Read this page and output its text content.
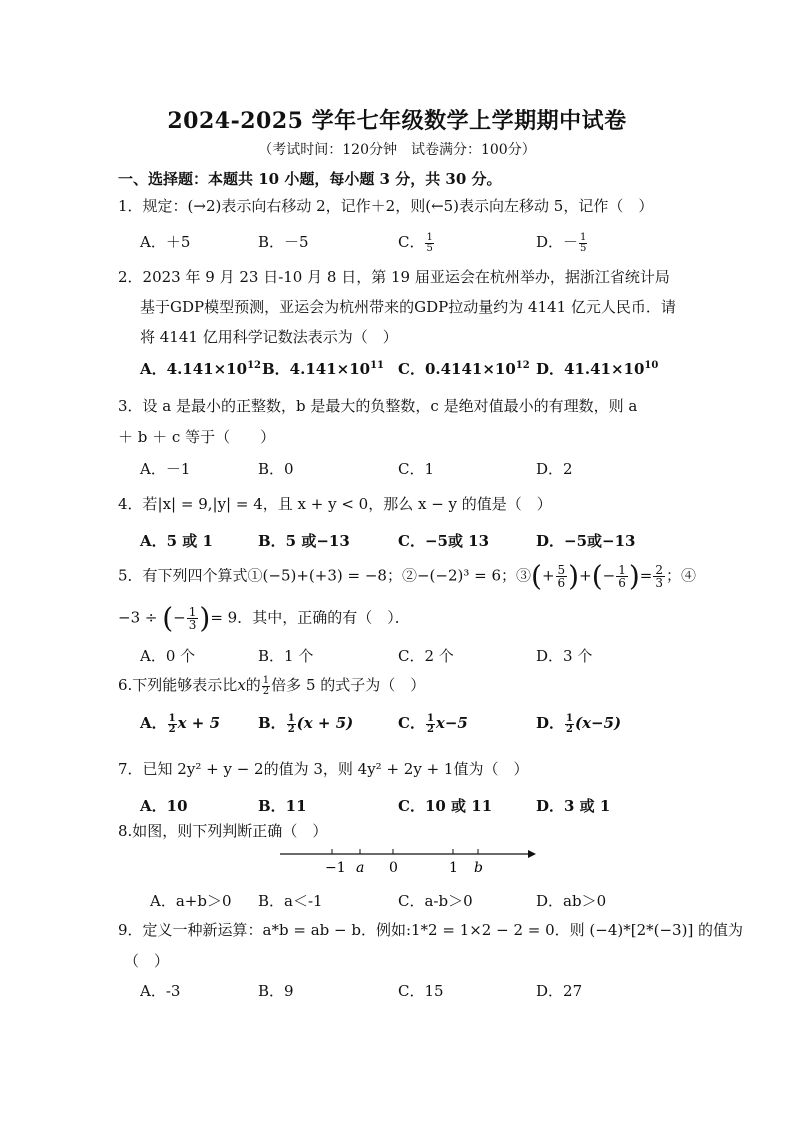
2024-2025 学年七年级数学上学期期中试卷
（考试时间：120分钟　试卷满分：100分）
一、选择题：本题共 10 小题，每小题 3 分，共 30 分。
1．规定：(→2)表示向右移动 2，记作＋2，则(←5)表示向左移动 5，记作（　）
A．＋5	B．－5	C． $\frac{1}{5}$	D．－ $\frac{1}{5}$
2．2023 年 9 月 23 日-10 月 8 日，第 19 届亚运会在杭州举办，据浙江省统计局
基于GDP模型预测，亚运会为杭州带来的GDP拉动量约为 4141 亿元人民币．请
将 4141 亿用科学记数法表示为（　）
A．$4.141\times 10^{12}$ B．$4.141\times 10^{11}$ C．$0.4141\times 10^{12}$ D．$41.41\times 10^{10}$
3．设 a 是最小的正整数，b 是最大的负整数，c 是绝对值最小的有理数，则 a
＋ b ＋ c 等于（　　）
A．－1	B．0	C．1	D．2
4．若|x| = 9,|y| = 4，且 x + y < 0，那么 x − y 的值是（　）
A．5 或 1	B．5 或−13	C．−5或 13	D．−5或−13
5．有下列四个算式①(−5)+(+3) = −8；②−(−2)³ = 6；③(+ $\frac{5}{6}$ )+(− $\frac{1}{6}$ )= $\frac{2}{3}$ ；④
−3 ÷ (− $\frac{1}{3}$ )= 9．其中，正确的有（　）．
A．0 个	B．1 个	C．2 个	D．3 个
6.下列能够表示比x的 $\frac{1}{2}$ 倍多 5 的式子为（　）
A． $\frac{1}{2}$ x + 5	B． $\frac{1}{2} (x + 5)$	C． $\frac{1}{2} x-5$	D． $\frac{1}{2} (x-5)$
7．已知 2y² + y − 2的值为 3，则 4y² + 2y + 1值为（　）
A．10	B．11	C．10 或 11	D．3 或 1
8.如图，则下列判断正确（　）
−1 a 0	1 b
A．a+b＞0 B．a＜-1	C．a-b＞0	D．ab＞0
9．定义一种新运算：a*b = ab − b．例如:1*2 = 1×2 − 2 = 0．则 (−4)*[2*(−3)] 的值为
（　）
A．-3	B．9	C．15	D．27
